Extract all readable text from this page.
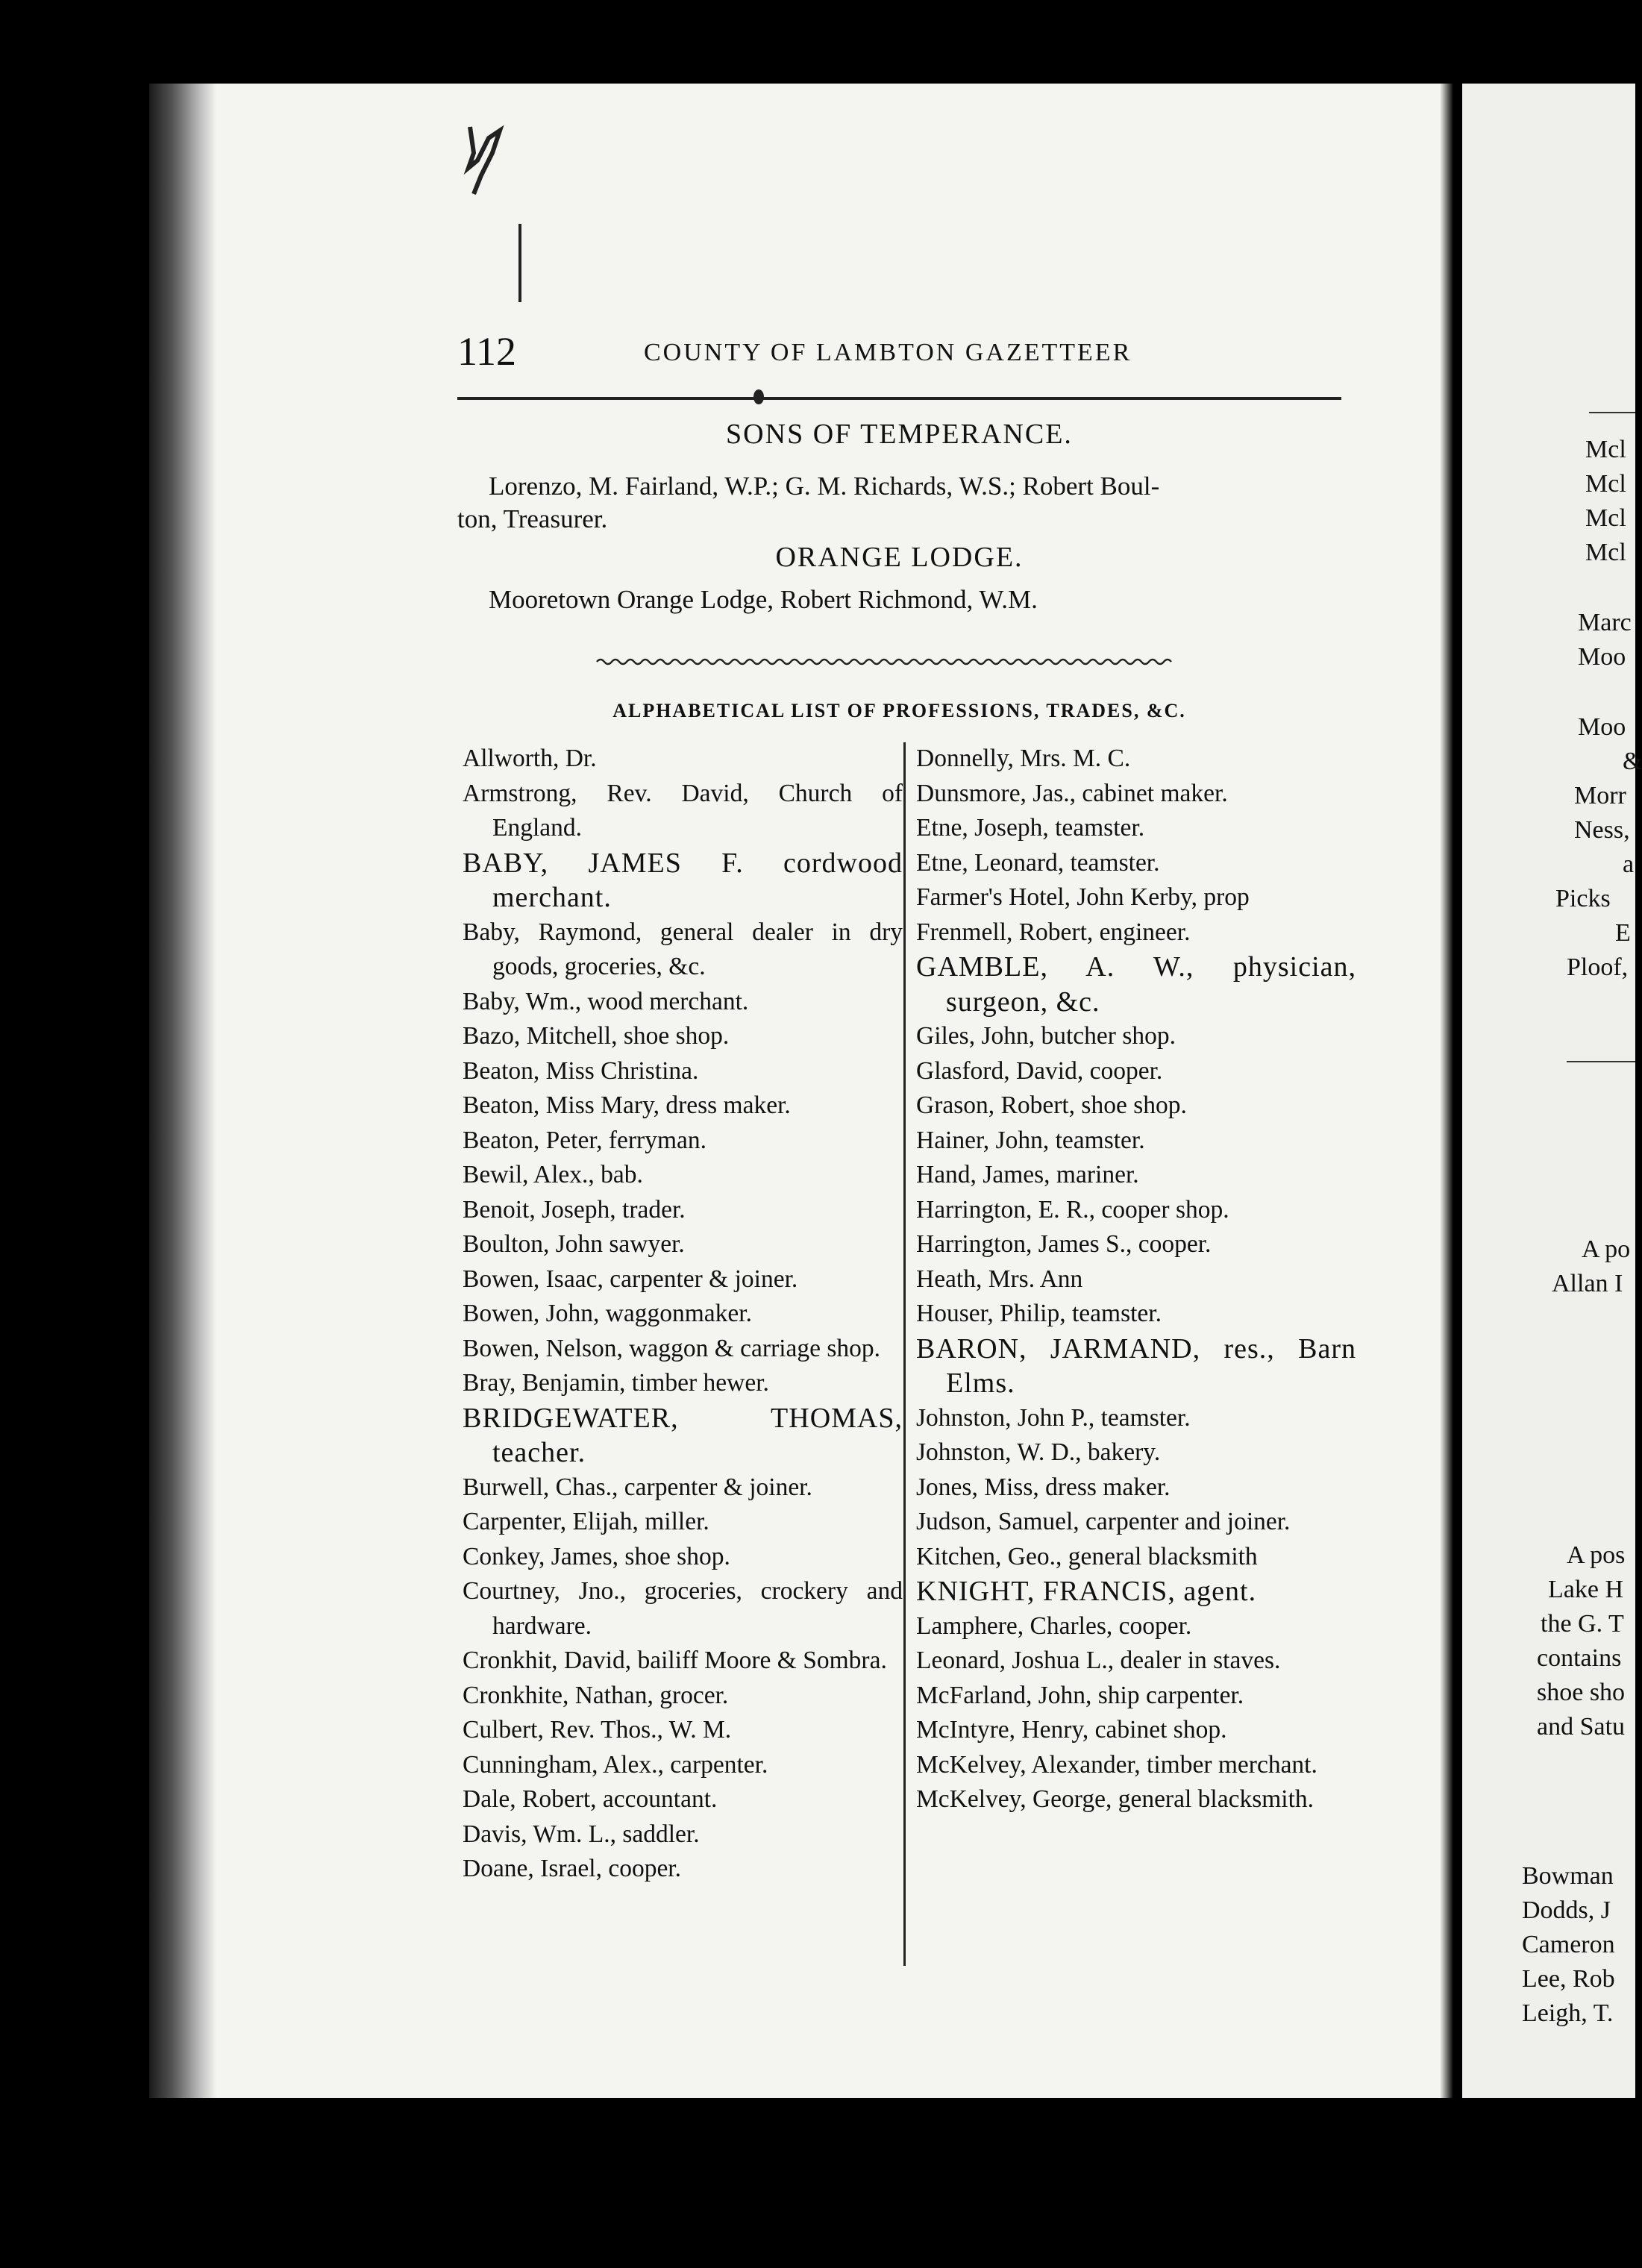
Mcl
Mcl
Mcl
Mcl
Marc
Moo
Moo
&
Morr
Ness,
a
Picks
E
Ploof,
A po
Allan I
A pos
Lake H
the G. T
contains
shoe sho
and Satu
Bowman
Dodds, J
Cameron
Lee, Rob
Leigh, T.
112	COUNTY OF LAMBTON GAZETTEER
SONS OF TEMPERANCE.
Lorenzo, M. Fairland, W.P.; G. M. Richards, W.S.; Robert Boul-
ton, Treasurer.
ORANGE LODGE.
Mooretown Orange Lodge, Robert Richmond, W.M.
ALPHABETICAL LIST OF PROFESSIONS, TRADES, &C.

Allworth, Dr.

Armstrong, Rev. David, Church of England.

BABY, JAMES F. cordwood merchant.

Baby, Raymond, general dealer in dry goods, groceries, &c.

Baby, Wm., wood merchant.

Bazo, Mitchell, shoe shop.

Beaton, Miss Christina.

Beaton, Miss Mary, dress maker.

Beaton, Peter, ferryman.

Bewil, Alex., bab.

Benoit, Joseph, trader.

Boulton, John sawyer.

Bowen, Isaac, carpenter & joiner.

Bowen, John, waggonmaker.

Bowen, Nelson, waggon & carriage shop.

Bray, Benjamin, timber hewer.

BRIDGEWATER, THOMAS, teacher.

Burwell, Chas., carpenter & joiner.

Carpenter, Elijah, miller.

Conkey, James, shoe shop.

Courtney, Jno., groceries, crockery and hardware.

Cronkhit, David, bailiff Moore & Sombra.

Cronkhite, Nathan, grocer.

Culbert, Rev. Thos., W. M.

Cunningham, Alex., carpenter.

Dale, Robert, accountant.

Davis, Wm. L., saddler.

Doane, Israel, cooper.

Donnelly, Mrs. M. C.

Dunsmore, Jas., cabinet maker.

Etne, Joseph, teamster.

Etne, Leonard, teamster.

Farmer's Hotel, John Kerby, prop

Frenmell, Robert, engineer.

GAMBLE, A. W., physician, surgeon, &c.

Giles, John, butcher shop.

Glasford, David, cooper.

Grason, Robert, shoe shop.

Hainer, John, teamster.

Hand, James, mariner.

Harrington, E. R., cooper shop.

Harrington, James S., cooper.

Heath, Mrs. Ann

Houser, Philip, teamster.

BARON, JARMAND, res., Barn Elms.

Johnston, John P., teamster.

Johnston, W. D., bakery.

Jones, Miss, dress maker.

Judson, Samuel, carpenter and joiner.

Kitchen, Geo., general blacksmith

KNIGHT, FRANCIS, agent.

Lamphere, Charles, cooper.

Leonard, Joshua L., dealer in staves.

McFarland, John, ship carpenter.

McIntyre, Henry, cabinet shop.

McKelvey, Alexander, timber merchant.

McKelvey, George, general blacksmith.
